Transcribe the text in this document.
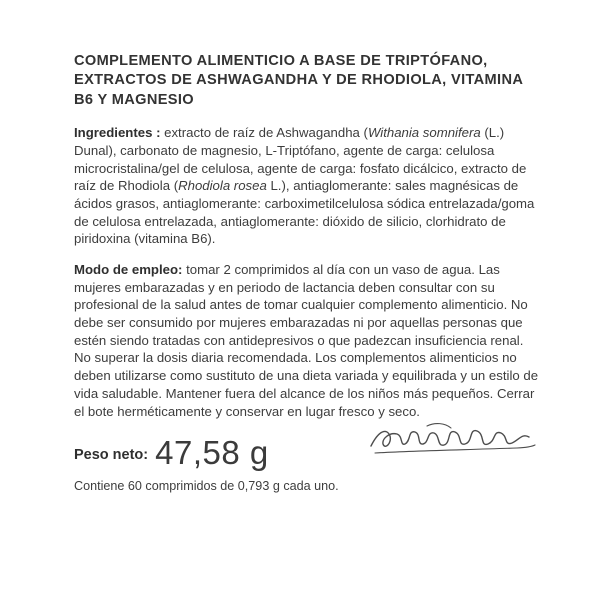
COMPLEMENTO ALIMENTICIO A BASE DE TRIPTÓFANO, EXTRACTOS DE ASHWAGANDHA Y DE RHODIOLA, VITAMINA B6 Y MAGNESIO

Ingredientes : extracto de raíz de Ashwagandha (Withania somnifera (L.) Dunal), carbonato de magnesio, L-Triptófano, agente de carga: celulosa microcristalina/gel de celulosa, agente de carga: fosfato dicálcico, extracto de raíz de Rhodiola (Rhodiola rosea L.), antiaglomerante: sales magnésicas de ácidos grasos, antiaglomerante: carboximetilcelulosa sódica entrelazada/goma de celulosa entrelazada, antiaglomerante: dióxido de silicio, clorhidrato de piridoxina (vitamina B6).

Modo de empleo: tomar 2 comprimidos al día con un vaso de agua. Las mujeres embarazadas y en periodo de lactancia deben consultar con su profesional de la salud antes de tomar cualquier complemento alimenticio. No debe ser consumido por mujeres embarazadas ni por aquellas personas que estén siendo tratadas con antidepresivos o que padezcan insuficiencia renal. No superar la dosis diaria recomendada. Los complementos alimenticios no deben utilizarse como sustituto de una dieta variada y equilibrada y un estilo de vida saludable. Mantener fuera del alcance de los niños más pequeños. Cerrar el bote herméticamente y conservar en lugar fresco y seco.

Peso neto: 47,58 g

Contiene 60 comprimidos de 0,793 g cada uno.
